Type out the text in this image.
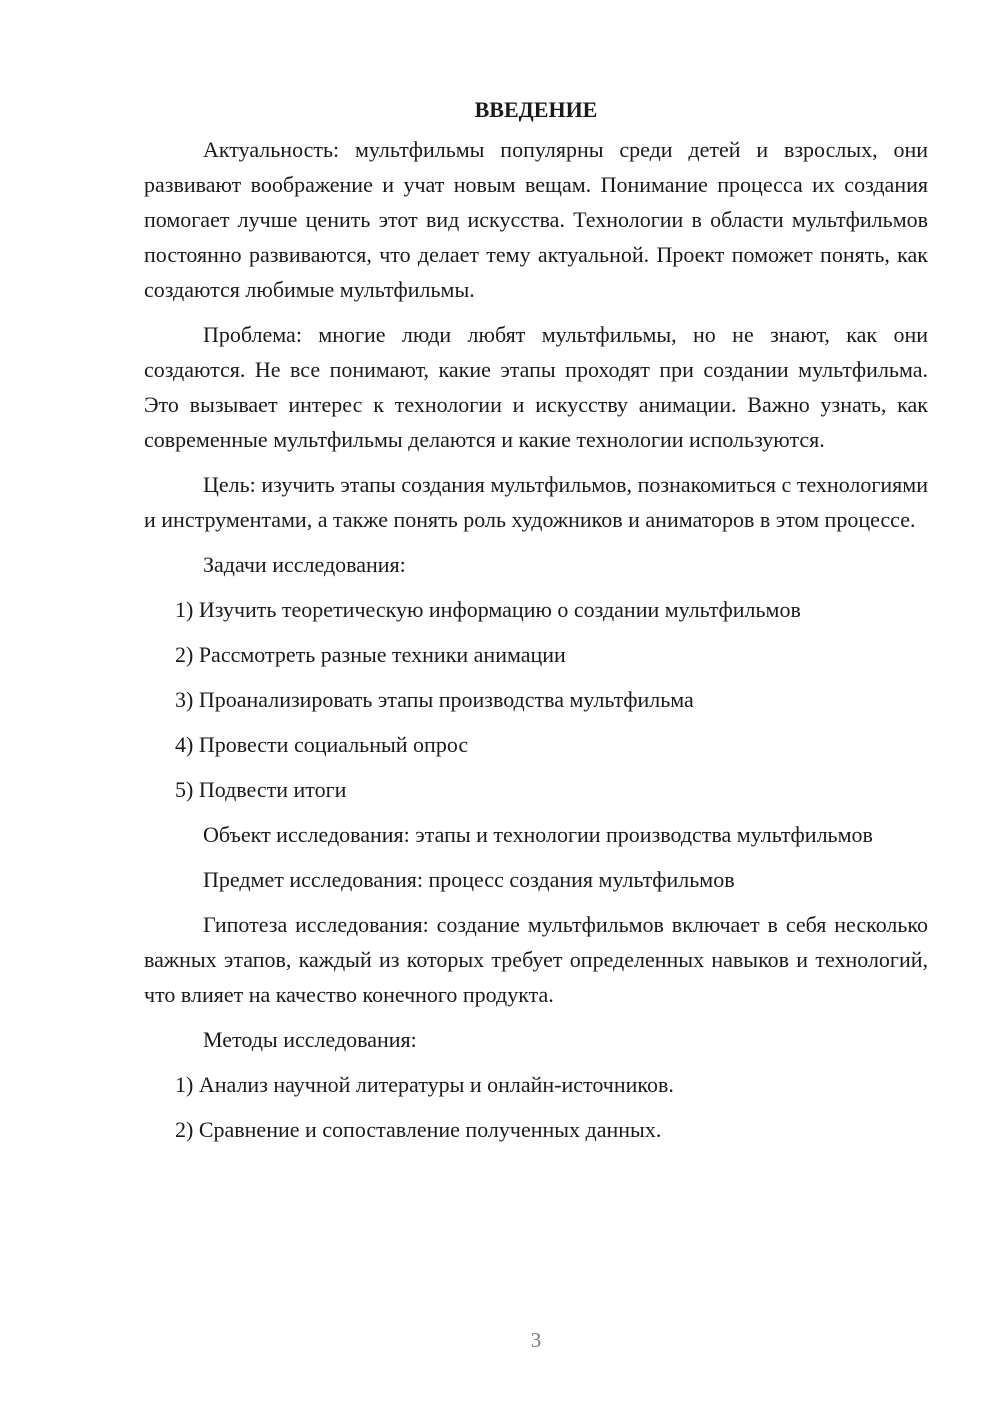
ВВЕДЕНИЕ

Актуальность: мультфильмы популярны среди детей и взрослых, они развивают воображение и учат новым вещам. Понимание процесса их создания помогает лучше ценить этот вид искусства. Технологии в области мультфильмов постоянно развиваются, что делает тему актуальной. Проект поможет понять, как создаются любимые мультфильмы.

Проблема: многие люди любят мультфильмы, но не знают, как они создаются. Не все понимают, какие этапы проходят при создании мультфильма. Это вызывает интерес к технологии и искусству анимации. Важно узнать, как современные мультфильмы делаются и какие технологии используются.

Цель: изучить этапы создания мультфильмов, познакомиться с технологиями и инструментами, а также понять роль художников и аниматоров в этом процессе.

Задачи исследования:
1) Изучить теоретическую информацию о создании мультфильмов
2) Рассмотреть разные техники анимации
3) Проанализировать этапы производства мультфильма
4) Провести социальный опрос
5) Подвести итоги

Объект исследования: этапы и технологии производства мультфильмов

Предмет исследования: процесс создания мультфильмов

Гипотеза исследования: создание мультфильмов включает в себя несколько важных этапов, каждый из которых требует определенных навыков и технологий, что влияет на качество конечного продукта.

Методы исследования:
1) Анализ научной литературы и онлайн-источников.
2) Сравнение и сопоставление полученных данных.
3
